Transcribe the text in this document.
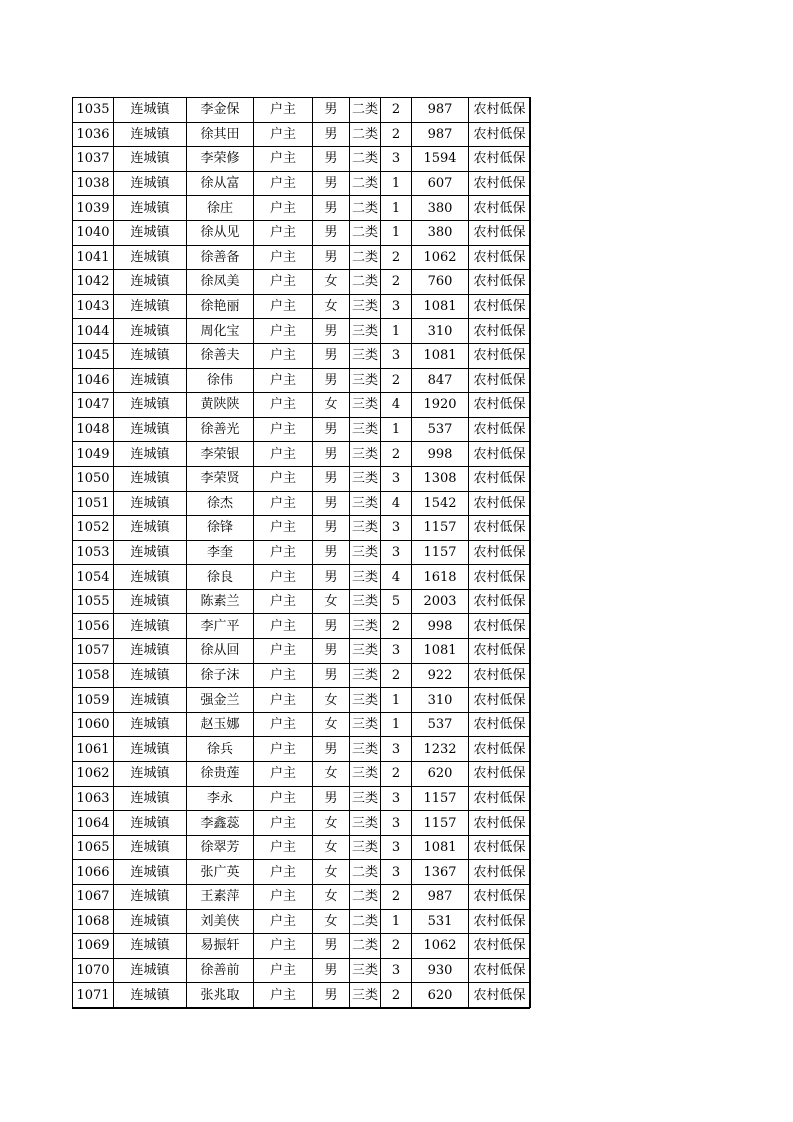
1035	连城镇	李金保	户主	男	二类	2	987	农村低保
1036	连城镇	徐其田	户主	男	二类	2	987	农村低保
1037	连城镇	李荣修	户主	男	二类	3	1594	农村低保
1038	连城镇	徐从富	户主	男	二类	1	607	农村低保
1039	连城镇	徐庄	户主	男	二类	1	380	农村低保
1040	连城镇	徐从见	户主	男	二类	1	380	农村低保
1041	连城镇	徐善备	户主	男	二类	2	1062	农村低保
1042	连城镇	徐凤美	户主	女	二类	2	760	农村低保
1043	连城镇	徐艳丽	户主	女	三类	3	1081	农村低保
1044	连城镇	周化宝	户主	男	三类	1	310	农村低保
1045	连城镇	徐善夫	户主	男	三类	3	1081	农村低保
1046	连城镇	徐伟	户主	男	三类	2	847	农村低保
1047	连城镇	黄陕陕	户主	女	三类	4	1920	农村低保
1048	连城镇	徐善光	户主	男	三类	1	537	农村低保
1049	连城镇	李荣银	户主	男	三类	2	998	农村低保
1050	连城镇	李荣贤	户主	男	三类	3	1308	农村低保
1051	连城镇	徐杰	户主	男	三类	4	1542	农村低保
1052	连城镇	徐锋	户主	男	三类	3	1157	农村低保
1053	连城镇	李奎	户主	男	三类	3	1157	农村低保
1054	连城镇	徐良	户主	男	三类	4	1618	农村低保
1055	连城镇	陈素兰	户主	女	三类	5	2003	农村低保
1056	连城镇	李广平	户主	男	三类	2	998	农村低保
1057	连城镇	徐从回	户主	男	三类	3	1081	农村低保
1058	连城镇	徐子沫	户主	男	三类	2	922	农村低保
1059	连城镇	强金兰	户主	女	三类	1	310	农村低保
1060	连城镇	赵玉娜	户主	女	三类	1	537	农村低保
1061	连城镇	徐兵	户主	男	三类	3	1232	农村低保
1062	连城镇	徐贵莲	户主	女	三类	2	620	农村低保
1063	连城镇	李永	户主	男	三类	3	1157	农村低保
1064	连城镇	李鑫蕊	户主	女	三类	3	1157	农村低保
1065	连城镇	徐翠芳	户主	女	三类	3	1081	农村低保
1066	连城镇	张广英	户主	女	二类	3	1367	农村低保
1067	连城镇	王素萍	户主	女	二类	2	987	农村低保
1068	连城镇	刘美侠	户主	女	二类	1	531	农村低保
1069	连城镇	易振轩	户主	男	二类	2	1062	农村低保
1070	连城镇	徐善前	户主	男	三类	3	930	农村低保
1071	连城镇	张兆取	户主	男	三类	2	620	农村低保
